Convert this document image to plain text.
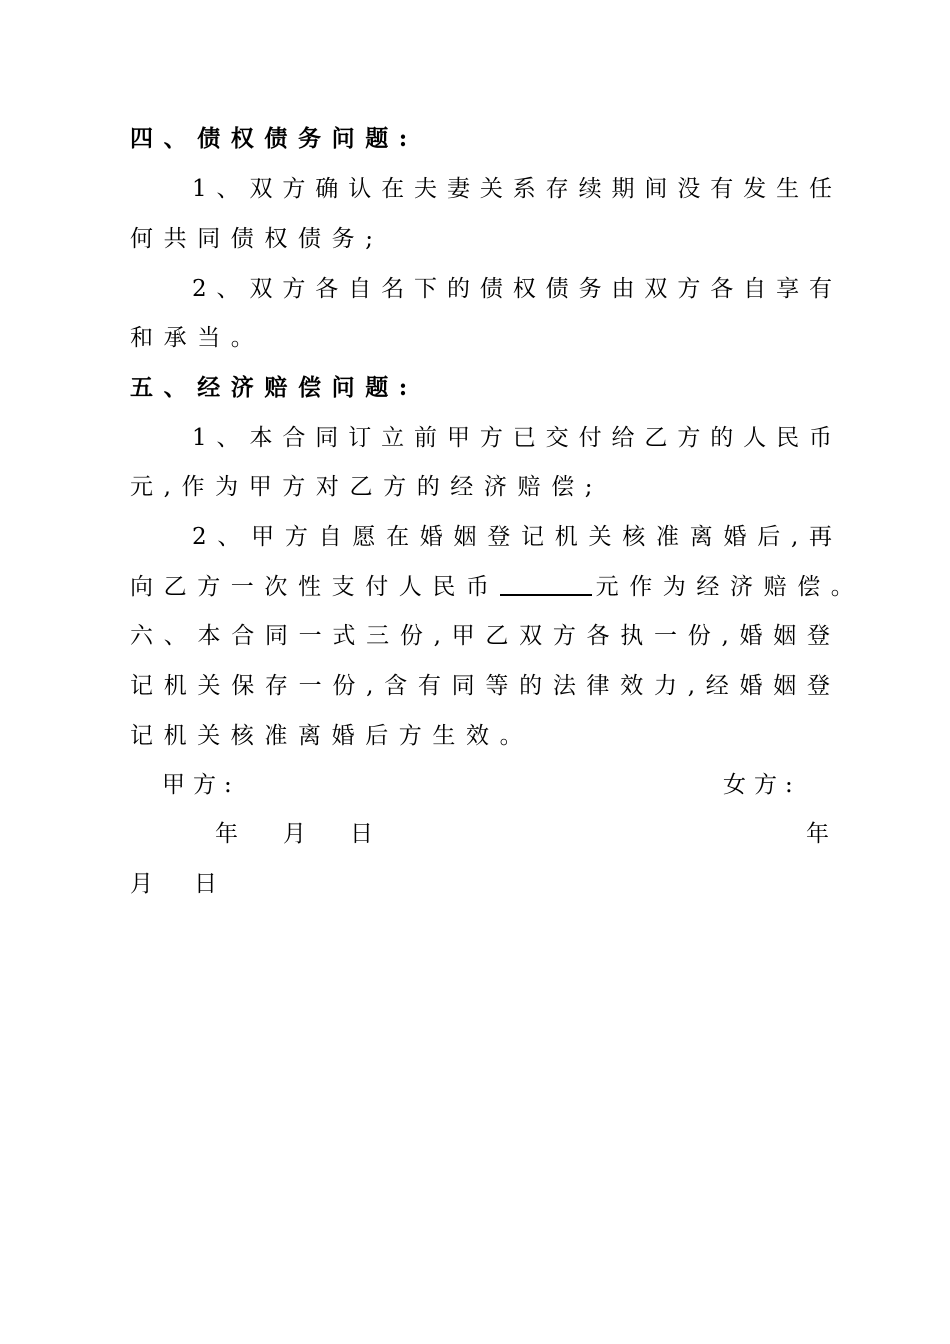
四、债权债务问题:
1、双方确认在夫妻关系存续期间没有发生任
何共同债权债务;
2、双方各自名下的债权债务由双方各自享有
和承当。
五、经济赔偿问题:
1、本合同订立前甲方已交付给乙方的人民币
元,作为甲方对乙方的经济赔偿;
2、甲方自愿在婚姻登记机关核准离婚后,再
向乙方一次性支付人民币	元作为经济赔偿。
六、本合同一式三份,甲乙双方各执一份,婚姻登
记机关保存一份,含有同等的法律效力,经婚姻登
记机关核准离婚后方生效。
甲方:	女方:
年 月 日	年
月 日
